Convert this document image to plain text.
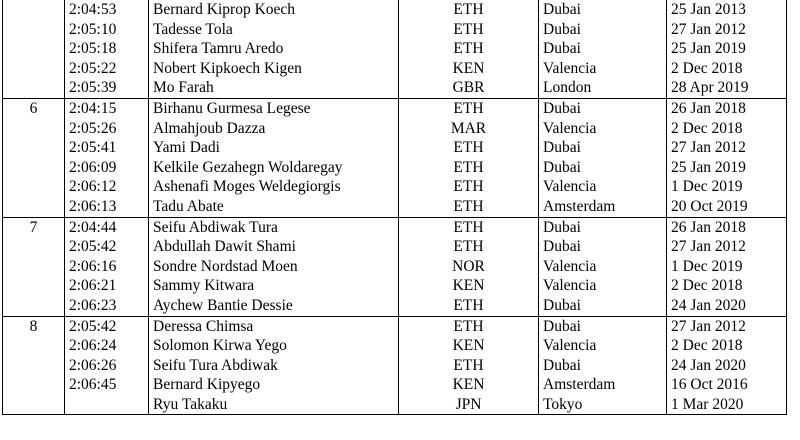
	2:04:53	Bernard Kiprop Koech	ETH	Dubai	25 Jan 2013
	2:05:10	Tadesse Tola	ETH	Dubai	27 Jan 2012
	2:05:18	Shifera Tamru Aredo	ETH	Dubai	25 Jan 2019
	2:05:22	Nobert Kipkoech Kigen	KEN	Valencia	2 Dec 2018
	2:05:39	Mo Farah	GBR	London	28 Apr 2019
6	2:04:15	Birhanu Gurmesa Legese	ETH	Dubai	26 Jan 2018
	2:05:26	Almahjoub Dazza	MAR	Valencia	2 Dec 2018
	2:05:41	Yami Dadi	ETH	Dubai	27 Jan 2012
	2:06:09	Kelkile Gezahegn Woldaregay	ETH	Dubai	25 Jan 2019
	2:06:12	Ashenafi Moges Weldegiorgis	ETH	Valencia	1 Dec 2019
	2:06:13	Tadu Abate	ETH	Amsterdam	20 Oct 2019
7	2:04:44	Seifu Abdiwak Tura	ETH	Dubai	26 Jan 2018
	2:05:42	Abdullah Dawit Shami	ETH	Dubai	27 Jan 2012
	2:06:16	Sondre Nordstad Moen	NOR	Valencia	1 Dec 2019
	2:06:21	Sammy Kitwara	KEN	Valencia	2 Dec 2018
	2:06:23	Aychew Bantie Dessie	ETH	Dubai	24 Jan 2020
8	2:05:42	Deressa Chimsa	ETH	Dubai	27 Jan 2012
	2:06:24	Solomon Kirwa Yego	KEN	Valencia	2 Dec 2018
	2:06:26	Seifu Tura Abdiwak	ETH	Dubai	24 Jan 2020
	2:06:45	Bernard Kipyego	KEN	Amsterdam	16 Oct 2016
		Ryu Takaku	JPN	Tokyo	1 Mar 2020
